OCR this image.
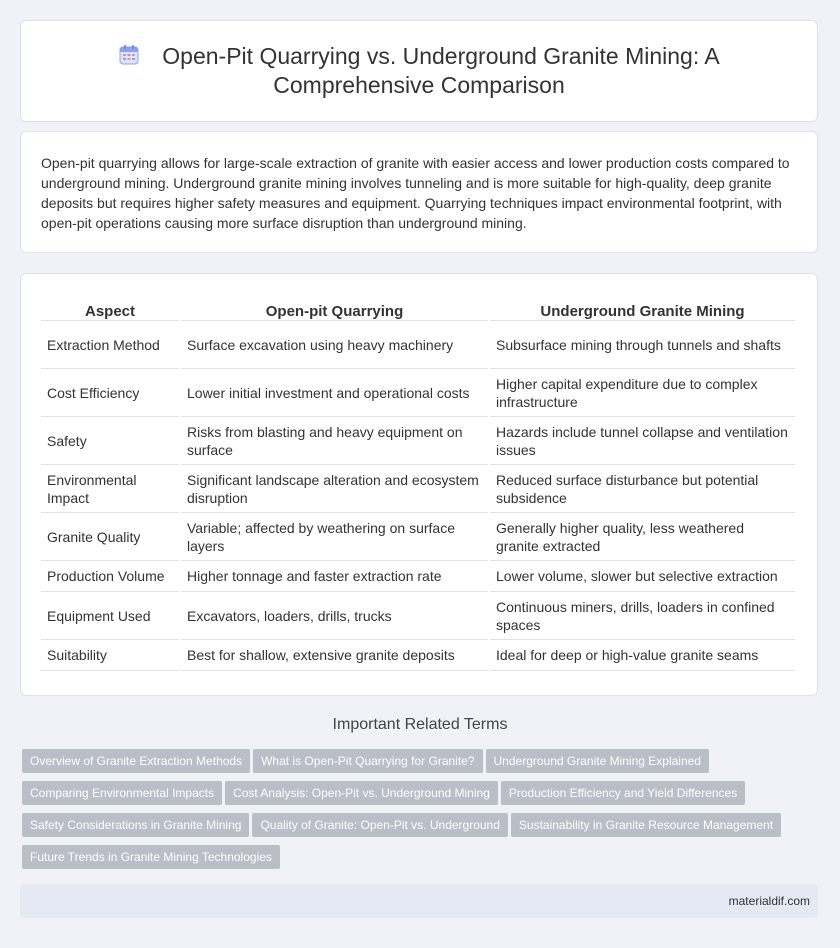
Open-Pit Quarrying vs. Underground Granite Mining: A Comprehensive Comparison

Open-pit quarrying allows for large-scale extraction of granite with easier access and lower production costs compared to underground mining. Underground granite mining involves tunneling and is more suitable for high-quality, deep granite deposits but requires higher safety measures and equipment. Quarrying techniques impact environmental footprint, with open-pit operations causing more surface disruption than underground mining.

Aspect	Open-pit Quarrying	Underground Granite Mining
Extraction Method	Surface excavation using heavy machinery	Subsurface mining through tunnels and shafts
Cost Efficiency	Lower initial investment and operational costs	Higher capital expenditure due to complex infrastructure
Safety	Risks from blasting and heavy equipment on surface	Hazards include tunnel collapse and ventilation issues
Environmental Impact	Significant landscape alteration and ecosystem disruption	Reduced surface disturbance but potential subsidence
Granite Quality	Variable; affected by weathering on surface layers	Generally higher quality, less weathered granite extracted
Production Volume	Higher tonnage and faster extraction rate	Lower volume, slower but selective extraction
Equipment Used	Excavators, loaders, drills, trucks	Continuous miners, drills, loaders in confined spaces
Suitability	Best for shallow, extensive granite deposits	Ideal for deep or high-value granite seams
Important Related Terms
Overview of Granite Extraction Methods What is Open-Pit Quarrying for Granite? Underground Granite Mining Explained
Comparing Environmental Impacts Cost Analysis: Open-Pit vs. Underground Mining Production Efficiency and Yield Differences
Safety Considerations in Granite Mining Quality of Granite: Open-Pit vs. Underground Sustainability in Granite Resource Management
Future Trends in Granite Mining Technologies
materialdif.com
